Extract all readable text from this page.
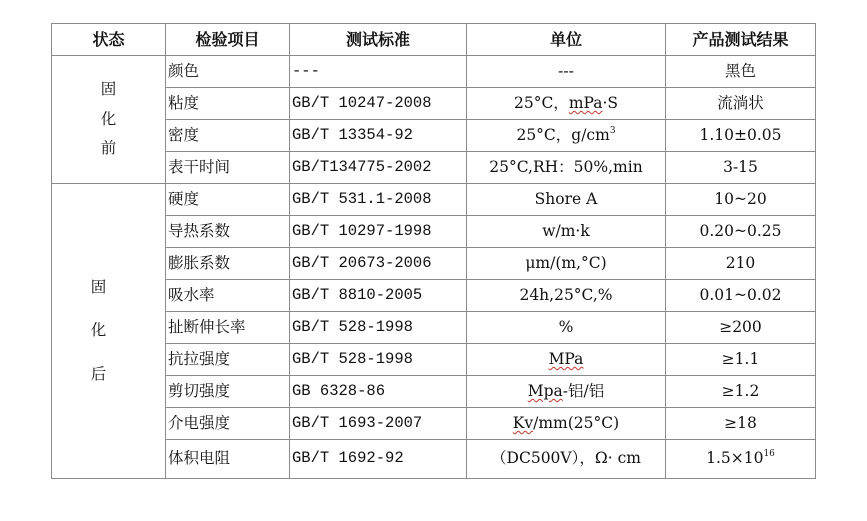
状态	检验项目	测试标准	单位	产品测试结果

固
化
前	颜色	---	---	黑色
	粘度	GB/T 10247-2008	25°C，mPa·S	流淌状
	密度	GB/T 13354-92	25°C，$g/cm^3$	1.10±0.05
	表干时间	GB/T134775-2002	25°C,RH：50%,min	3-15

固
化
后	硬度	GB/T 531.1-2008	Shore A	10~20
	导热系数	GB/T 10297-1998	w/m·k	0.20~0.25
	膨胀系数	GB/T 20673-2006	μm/(m,°C)	210
	吸水率	GB/T 8810-2005	24h,25°C,%	0.01~0.02
	扯断伸长率	GB/T 528-1998	%	≥200
	抗拉强度	GB/T 528-1998	MPa	≥1.1
	剪切强度	GB 6328-86	Mpa-铝/铝	≥1.2
	介电强度	GB/T 1693-2007	Kv/mm(25°C)	≥18
	体积电阻	GB/T 1692-92	（DC500V），Ω· cm	$1.5\times 10^{16}$
